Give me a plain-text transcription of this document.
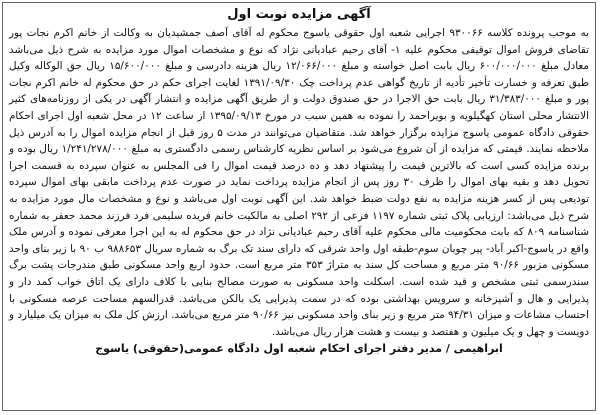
آگهی مزایده نوبت اول

به موجب پرونده کلاسه ۹۳۰۰۶۶ اجرایی شعبه اول حقوقی یاسوج محکوم له آقای آصف جمشیدیان به وکالت از خانم اکرم نجات پور تقاضای فروش اموال توقیفی محکوم علیه ۱- آقای رحیم عبادیانی نژاد که نوع و مشخصات اموال مورد مزایده به شرح ذیل می‌باشد معادل مبلغ ۶۰۰/۰۰۰/۰۰۰ ریال بابت اصل خواسته و مبلغ ۱۲/۰۶۶/۰۰۰ ریال هزینه دادرسی و مبلغ ۱۵/۶۰۰/۰۰۰ ریال حق الوکاله وکیل طبق تعرفه و خسارت تأخیر تأدیه از تاریخ گواهی عدم پرداخت چک ۱۳۹۱/۰۹/۳۰ لغایت اجرای حکم در حق محکوم له خانم اکرم نجات پور و مبلغ ۳۱/۳۸۳/۰۰۰ ریال بابت حق الاجرا در حق صندوق دولت و از طریق آگهی مزایده و انتشار آگهی در یکی از روزنامه‌های کثیر الانتشار محلی استان کهگیلویه و بویراحمد را نموده به همین سبب در مورخ ۱۳۹۵/۰۹/۱۳ از ساعت ۱۲ در محل شعبه اول اجرای احکام حقوقی دادگاه عمومی یاسوج مزایده برگزار خواهد شد. متقاضیان می‌توانند در مدت ۵ روز قبل از انجام مزایده اموال را به آدرس ذیل ملاحظه نمایند. قیمتی که مزایده از آن شروع می‌شود بر اساس نظریه کارشناس رسمی دادگستری به مبلغ ۱/۲۴۱/۲۷۸/۰۰۰ ریال بوده و برنده مزایده کسی است که بالاترین قیمت را پیشنهاد دهد و ده درصد قیمت اموال را فی المجلس به عنوان سپرده به قسمت اجرا تحویل دهد و بقیه بهای اموال را ظرف ۳۰ روز پس از انجام مزایده پرداخت نماید در صورت عدم پرداخت مابقی بهای اموال سپرده تودیعی پس از کسر هزینه مزایده به نفع دولت ضبط خواهد شد. این آگهی نوبت اول می‌باشد و نوع و مشخصات مال مورد مزایده به شرح ذیل می‌باشد: ارزیابی پلاک ثبتی شماره ۱۱۹۷ فرعی از ۲۹۲ اصلی به مالکیت خانم فریده سلیمی فرد فرزند محمد جعفر به شماره شناسنامه ۸۰۹ که بابت محکومیت مالی محکوم علیه آقای رحیم عبادیانی نژاد در حق محکوم له به این اجرا معرفی نموده و آدرس ملک واقع در یاسوج-اکبر آباد- پیر چوبان سوم-طبقه اول واحد شرقی که دارای سند تک برگ به شماره سریال ۹۸۸۶۵۳ ب ۹۰ با زیر بنای واحد مسکونی مزبور ۹۰/۶۶ متر مربع و مساحت کل سند به متراژ ۳۵۳ متر مربع است. حدود اربع واحد مسکونی طبق مندرجات پشت برگ سندرسمی ثبتی مشخص و قید شده است. اسکلت واحد مسکونی به صورت مصالح بنایی با کلاف دارای یک اتاق خواب کمد دار و پذیرایی و هال و آشپزخانه و سرویس بهداشتی بوده که در سمت پذیرایی یک بالکن می‌باشد. قدرالسهم مساحت عرصه مسکونی با احتساب مشاعات و میزان ۹۴/۳۱ متر مربع و زیر بنای واحد مسکونی نیز ۹۰/۶۶ متر مربع می‌باشد. ارزش کل ملک به میزان یک میلیارد و دویست و چهل و یک میلیون و هفتصد و بیست و هشت هزار ریال می‌باشد.

ابراهیمی / مدیر دفتر اجرای احکام شعبه اول دادگاه عمومی(حقوقی) یاسوج
